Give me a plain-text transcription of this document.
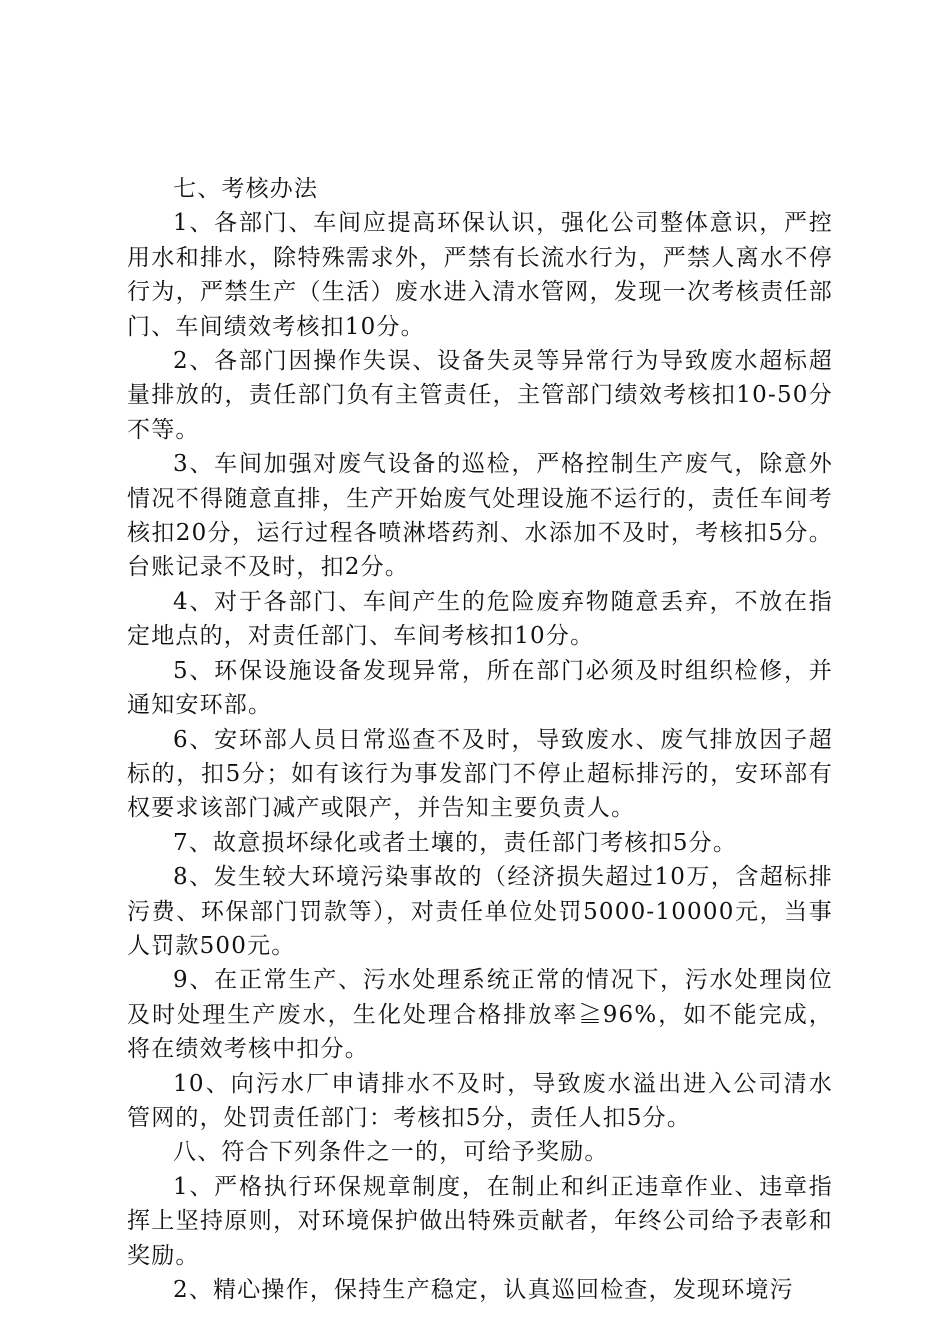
七、考核办法

1、各部门、车间应提高环保认识，强化公司整体意识，严控用水和排水，除特殊需求外，严禁有长流水行为，严禁人离水不停行为，严禁生产（生活）废水进入清水管网，发现一次考核责任部门、车间绩效考核扣10分。

2、各部门因操作失误、设备失灵等异常行为导致废水超标超量排放的，责任部门负有主管责任，主管部门绩效考核扣10-50分不等。

3、车间加强对废气设备的巡检，严格控制生产废气，除意外情况不得随意直排，生产开始废气处理设施不运行的，责任车间考核扣20分，运行过程各喷淋塔药剂、水添加不及时，考核扣5分。台账记录不及时，扣2分。

4、对于各部门、车间产生的危险废弃物随意丢弃，不放在指定地点的，对责任部门、车间考核扣10分。

5、环保设施设备发现异常，所在部门必须及时组织检修，并通知安环部。

6、安环部人员日常巡查不及时，导致废水、废气排放因子超标的，扣5分；如有该行为事发部门不停止超标排污的，安环部有权要求该部门减产或限产，并告知主要负责人。

7、故意损坏绿化或者土壤的，责任部门考核扣5分。

8、发生较大环境污染事故的（经济损失超过10万，含超标排污费、环保部门罚款等），对责任单位处罚5000-10000元，当事人罚款500元。

9、在正常生产、污水处理系统正常的情况下，污水处理岗位及时处理生产废水，生化处理合格排放率≧96%，如不能完成，将在绩效考核中扣分。

10、向污水厂申请排水不及时，导致废水溢出进入公司清水管网的，处罚责任部门：考核扣5分，责任人扣5分。

八、符合下列条件之一的，可给予奖励。

1、严格执行环保规章制度，在制止和纠正违章作业、违章指挥上坚持原则，对环境保护做出特殊贡献者，年终公司给予表彰和奖励。

2、精心操作，保持生产稳定，认真巡回检查，发现环境污
